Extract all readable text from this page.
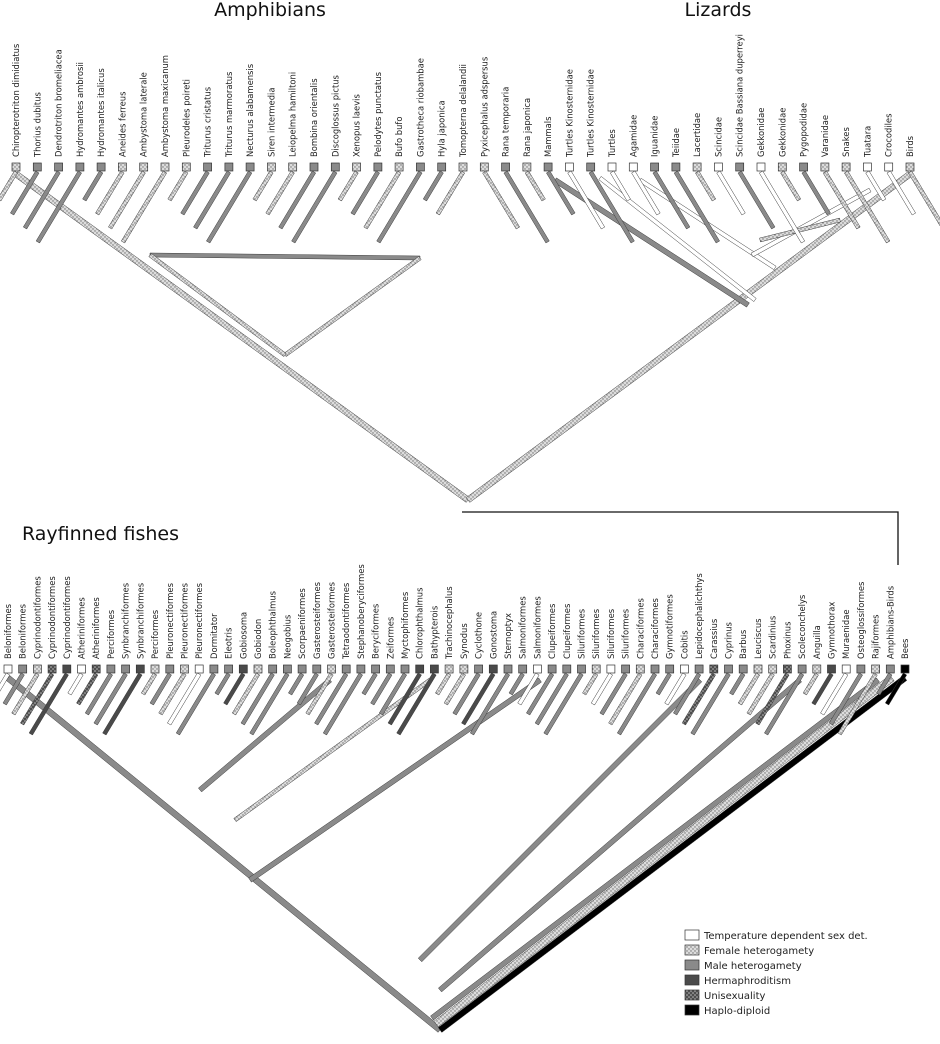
Amphibians	Lizards
Rayfinned fishes
Chiropterotriton dimidiatus Thorius dubitus Dendrotriton bromeliacea Hydromantes ambrosii Hydromantes italicus Aneides ferreus Ambystoma laterale Ambystoma maxicanum Pleurodeles poireti Triturus cristatus Triturus marmoratus Necturus alabamensis Siren intermedia Leiopelma hamiltoni Bombina orientalis Discoglossus pictus Xenopus laevis Pelodytes punctatus Bufo bufo Gastrotheca riobambae Hyla japonica Tomopterna delalandii Pyxicephalus adspersus Rana temporaria Rana japonica Mammals Turtles Kinosternidae Turtles Kinosternidae Turtles Agamidae Iguanidae Teiidae Lacertidae Scincidae Scincidae Bassiana duperreyi Gekkonidae Gekkonidae Pygopodidae Varanidae Snakes Tuatara Crocodiles Birds
Beloniformes Beloniformes Cyprinodontiformes Cyprinodontiformes Cyprinodontiformes Atheriniformes Atheriniformes Perciformes Synbranchiformes Synbranchiformes Perciformes Pleuronectiformes Pleuronectiformes Pleuronectiformes Dormitator Eleotris Gobiosoma Gobiodon Boleophthalmus Neogobius Scorpaeniformes Gasterosteiformes Gasterosteiformes Tetraodontiformes Stephanoberyciformes Beryciformes Zeiformes Myctophiformes Chlorophthalmus Bathypterois Trachinocephalus Synodus Cyclothone Gonostoma Sternoptyx Salmoniformes Salmoniformes Clupeiformes Clupeiformes Siluriformes Siluriformes Siluriformes Siluriformes Characiformes Characiformes Gymnotiformes Cobitis Lepidocephalichthys Carassius Cyprinus Barbus Leuciscus Scardinius Phoxinus Scoleconchelys Anguilla Gymnothorax Muraenidae Osteoglossiformes Rajiformes Amphibians-Birds Bees
Temperature dependent sex det.
Female heterogamety
Male heterogamety
Hermaphroditism
Unisexuality
Haplo-diploid
